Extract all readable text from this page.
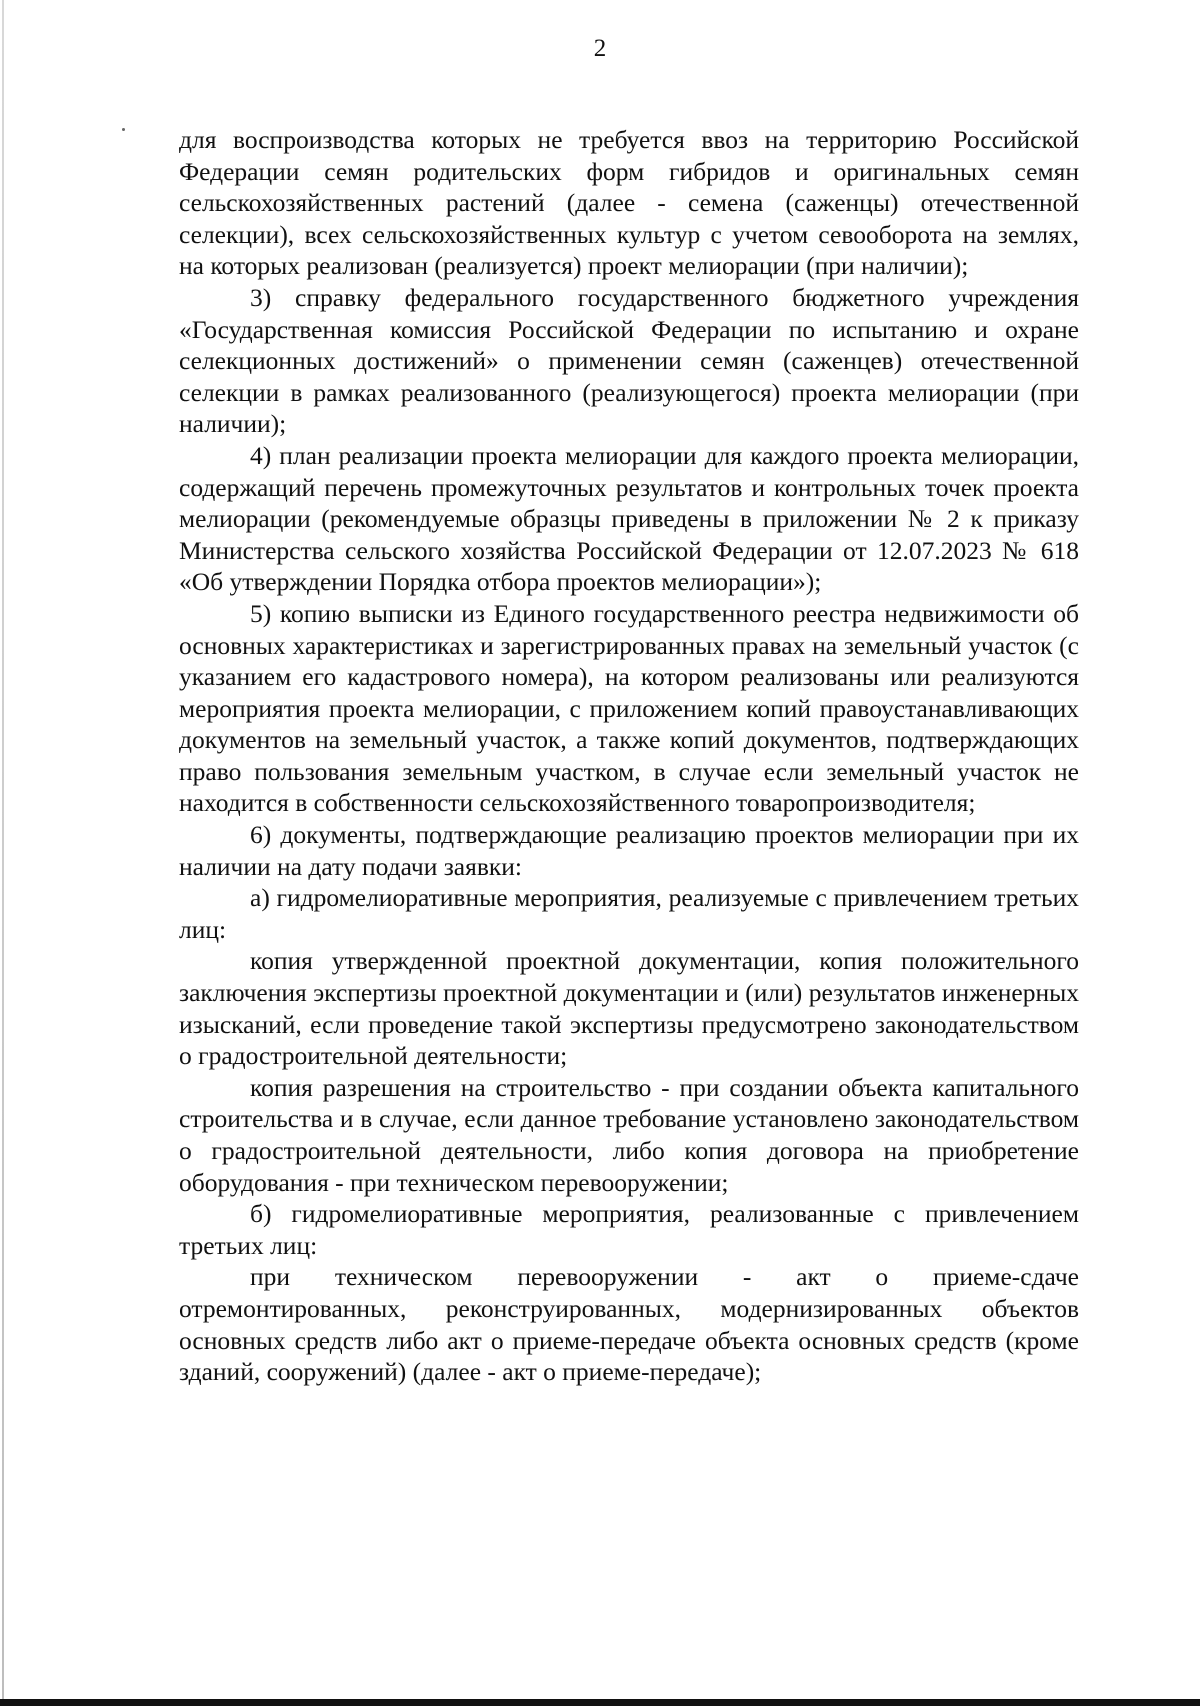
2

для воспроизводства которых не требуется ввоз на территорию Российской Федерации семян родительских форм гибридов и оригинальных семян сельскохозяйственных растений (далее - семена (саженцы) отечественной селекции), всех сельскохозяйственных культур с учетом севооборота на землях, на которых реализован (реализуется) проект мелиорации (при наличии);

3) справку федерального государственного бюджетного учреждения «Государственная комиссия Российской Федерации по испытанию и охране селекционных достижений» о применении семян (саженцев) отечественной селекции в рамках реализованного (реализующегося) проекта мелиорации (при наличии);

4) план реализации проекта мелиорации для каждого проекта мелиорации, содержащий перечень промежуточных результатов и контрольных точек проекта мелиорации (рекомендуемые образцы приведены в приложении № 2 к приказу Министерства сельского хозяйства Российской Федерации от 12.07.2023 № 618 «Об утверждении Порядка отбора проектов мелиорации»);

5) копию выписки из Единого государственного реестра недвижимости об основных характеристиках и зарегистрированных правах на земельный участок (с указанием его кадастрового номера), на котором реализованы или реализуются мероприятия проекта мелиорации, с приложением копий правоустанавливающих документов на земельный участок, а также копий документов, подтверждающих право пользования земельным участком, в случае если земельный участок не находится в собственности сельскохозяйственного товаропроизводителя;

6) документы, подтверждающие реализацию проектов мелиорации при их наличии на дату подачи заявки:

а) гидромелиоративные мероприятия, реализуемые с привлечением третьих лиц:

копия утвержденной проектной документации, копия положительного заключения экспертизы проектной документации и (или) результатов инженерных изысканий, если проведение такой экспертизы предусмотрено законодательством о градостроительной деятельности;

копия разрешения на строительство - при создании объекта капитального строительства и в случае, если данное требование установлено законодательством о градостроительной деятельности, либо копия договора на приобретение оборудования - при техническом перевооружении;

б) гидромелиоративные мероприятия, реализованные с привлечением третьих лиц:

при техническом перевооружении - акт о приеме-сдаче отремонтированных, реконструированных, модернизированных объектов основных средств либо акт о приеме-передаче объекта основных средств (кроме зданий, сооружений) (далее - акт о приеме-передаче);
